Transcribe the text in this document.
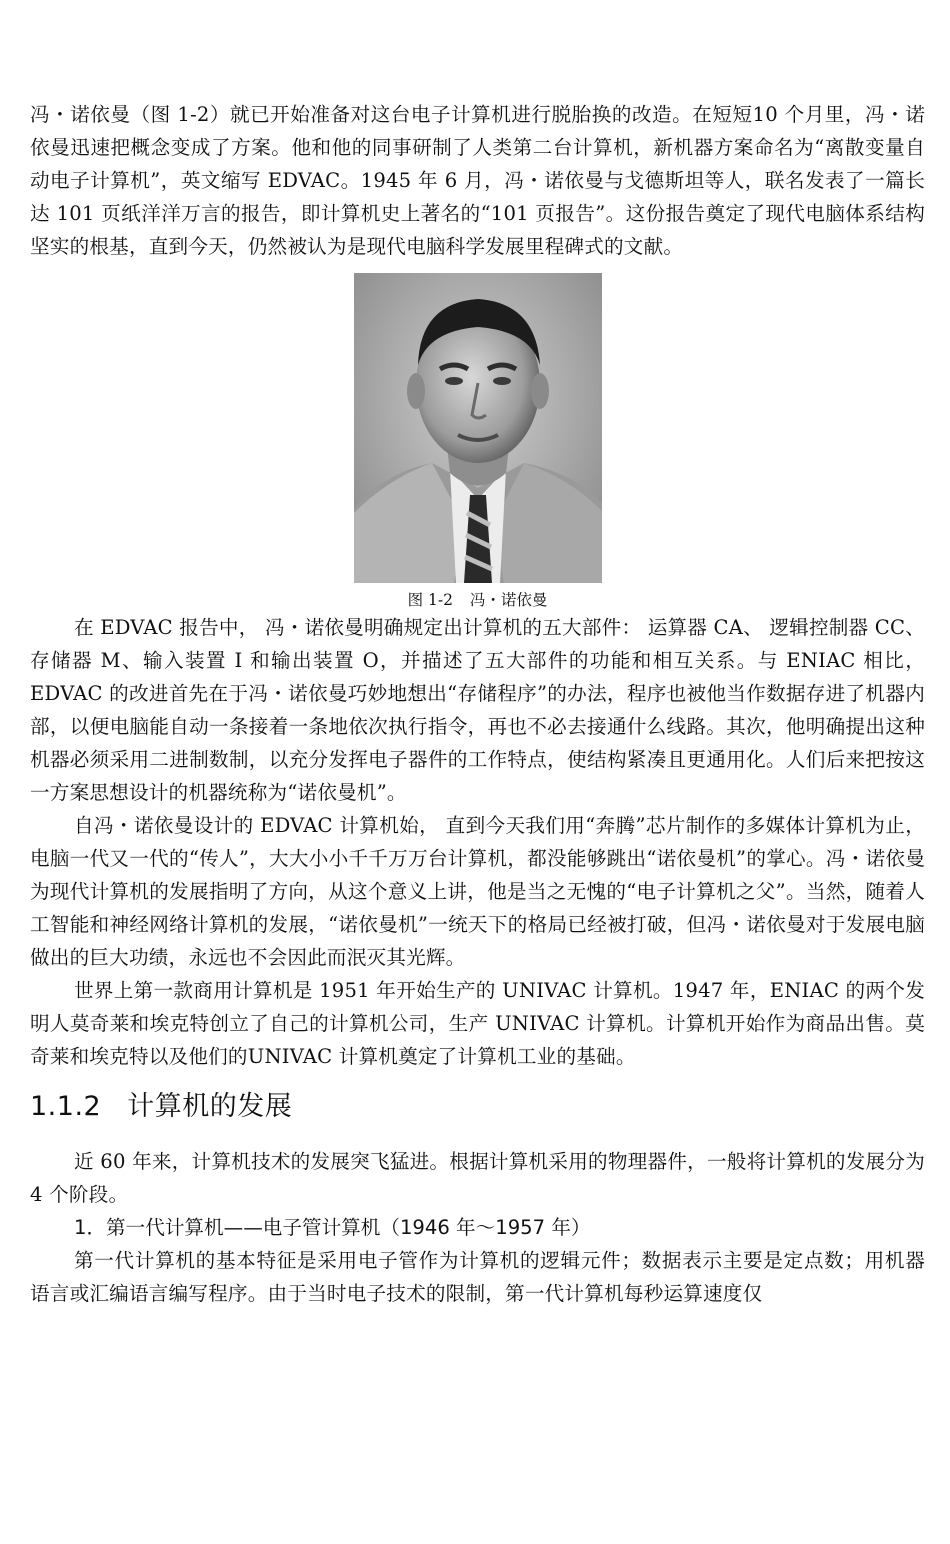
冯・诺依曼（图 1-2）就已开始准备对这台电子计算机进行脱胎换的改造。在短短10 个月里，冯・诺依曼迅速把概念变成了方案。他和他的同事研制了人类第二台计算机，新机器方案命名为“离散变量自动电子计算机”，英文缩写 EDVAC。1945 年 6 月，冯・诺依曼与戈德斯坦等人，联名发表了一篇长达 101 页纸洋洋万言的报告，即计算机史上著名的“101 页报告”。这份报告奠定了现代电脑体系结构坚实的根基，直到今天，仍然被认为是现代电脑科学发展里程碑式的文献。

图 1-2 冯・诺依曼

在 EDVAC 报告中， 冯・诺依曼明确规定出计算机的五大部件： 运算器 CA、 逻辑控制器 CC、存储器 M、输入装置 I 和输出装置 O，并描述了五大部件的功能和相互关系。与 ENIAC 相比，EDVAC 的改进首先在于冯・诺依曼巧妙地想出“存储程序”的办法，程序也被他当作数据存进了机器内部，以便电脑能自动一条接着一条地依次执行指令，再也不必去接通什么线路。其次，他明确提出这种机器必须采用二进制数制，以充分发挥电子器件的工作特点，使结构紧凑且更通用化。人们后来把按这一方案思想设计的机器统称为“诺依曼机”。

自冯・诺依曼设计的 EDVAC 计算机始， 直到今天我们用“奔腾”芯片制作的多媒体计算机为止，电脑一代又一代的“传人”，大大小小千千万万台计算机，都没能够跳出“诺依曼机”的掌心。冯・诺依曼为现代计算机的发展指明了方向，从这个意义上讲，他是当之无愧的“电子计算机之父”。当然，随着人工智能和神经网络计算机的发展，“诺依曼机”一统天下的格局已经被打破，但冯・诺依曼对于发展电脑做出的巨大功绩，永远也不会因此而泯灭其光辉。

世界上第一款商用计算机是 1951 年开始生产的 UNIVAC 计算机。1947 年，ENIAC 的两个发明人莫奇莱和埃克特创立了自己的计算机公司，生产 UNIVAC 计算机。计算机开始作为商品出售。莫奇莱和埃克特以及他们的UNIVAC 计算机奠定了计算机工业的基础。

1.1.2 计算机的发展

近 60 年来，计算机技术的发展突飞猛进。根据计算机采用的物理器件，一般将计算机的发展分为 4 个阶段。

1．第一代计算机——电子管计算机（1946 年～1957 年）

第一代计算机的基本特征是采用电子管作为计算机的逻辑元件；数据表示主要是定点数；用机器语言或汇编语言编写程序。由于当时电子技术的限制，第一代计算机每秒运算速度仅
